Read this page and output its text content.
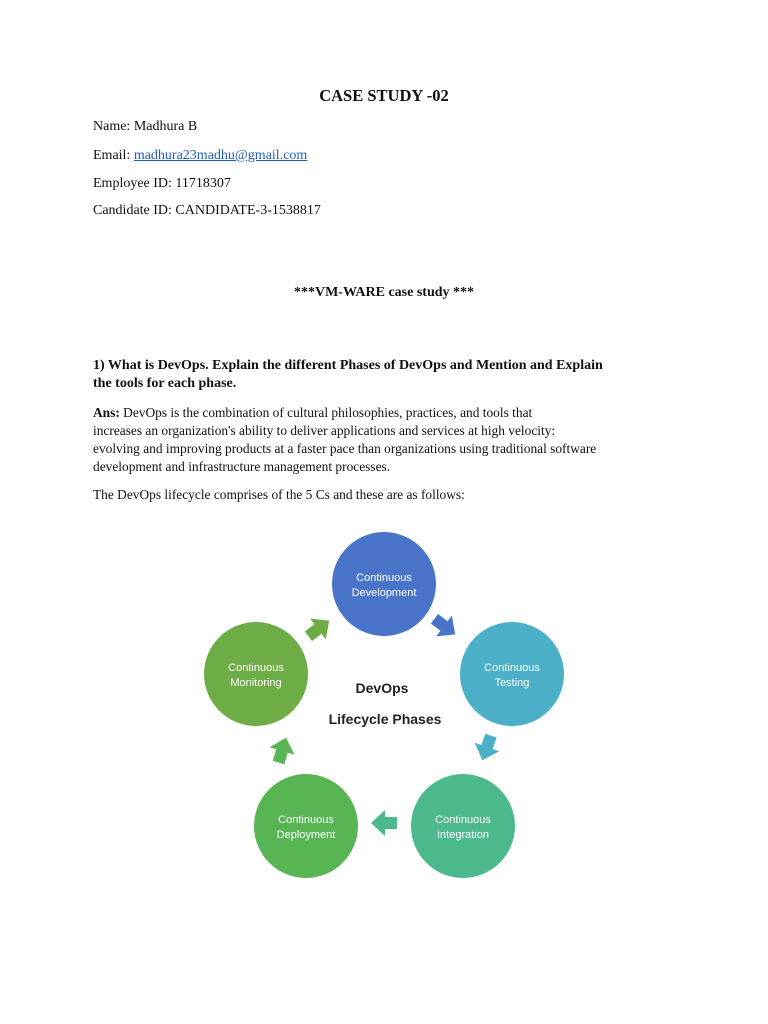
CASE STUDY -02
Name: Madhura B
Email: madhura23madhu@gmail.com
Employee ID: 11718307
Candidate ID: CANDIDATE-3-1538817
***VM-WARE case study ***
1) What is DevOps. Explain the different Phases of DevOps and Mention and Explain
the tools for each phase.
Ans: DevOps is the combination of cultural philosophies, practices, and tools that
increases an organization's ability to deliver applications and services at high velocity:
evolving and improving products at a faster pace than organizations using traditional software
development and infrastructure management processes.
The DevOps lifecycle comprises of the 5 Cs and these are as follows:
Continuous
Development
Continuous
Testing
Continuous
Integration
Continuous
Deployment
Continuous
Monitoring	DevOps
Lifecycle Phases
